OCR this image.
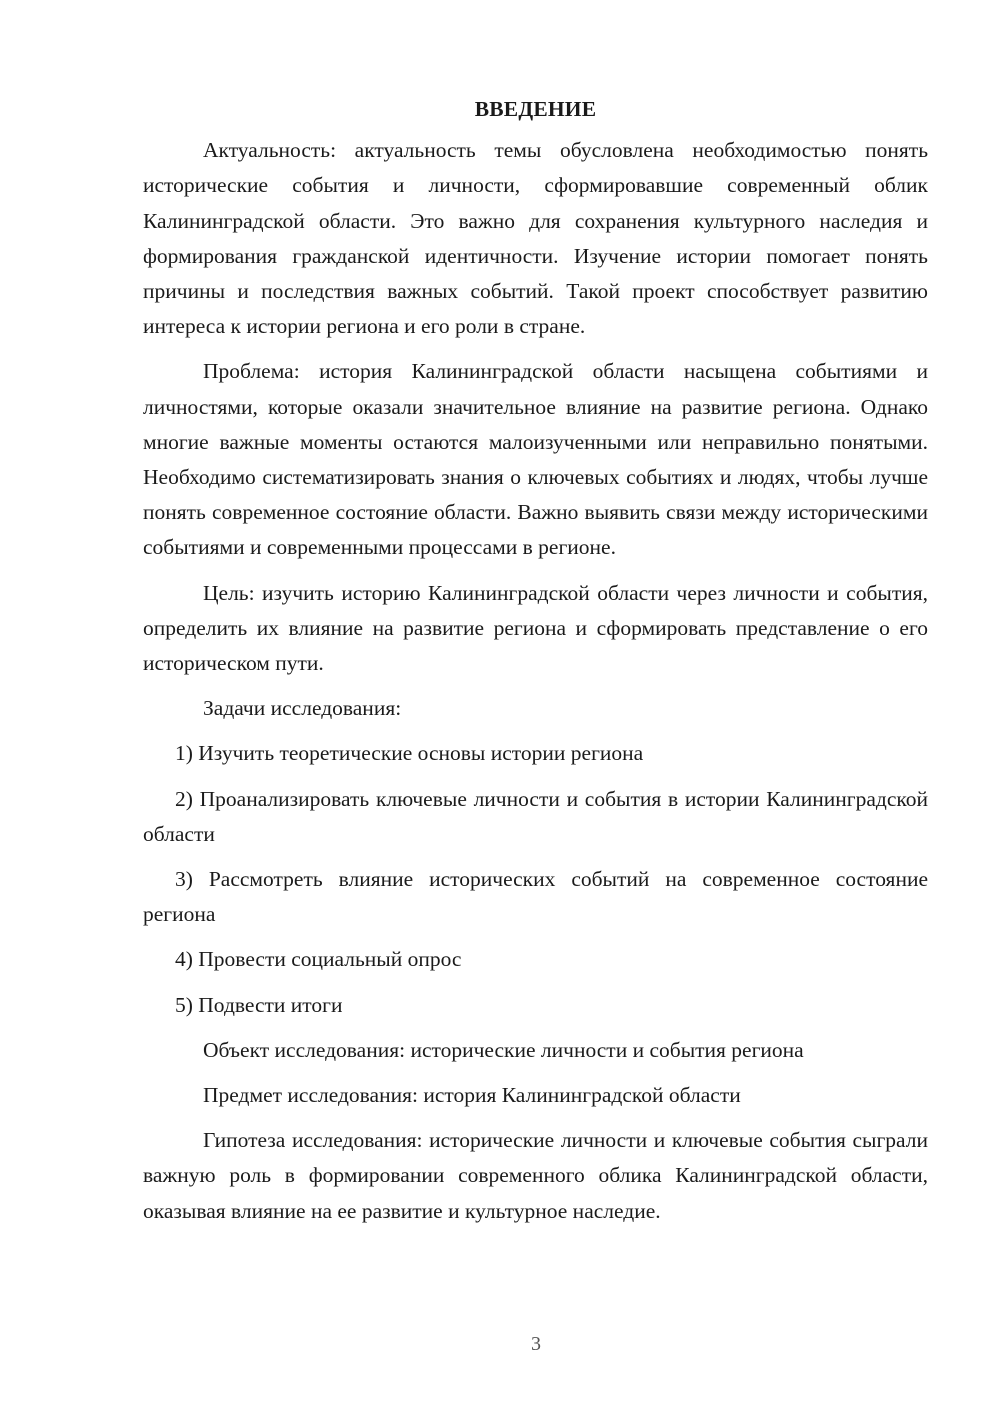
ВВЕДЕНИЕ

Актуальность: актуальность темы обусловлена необходимостью понять исторические события и личности, сформировавшие современный облик Калининградской области. Это важно для сохранения культурного наследия и формирования гражданской идентичности. Изучение истории помогает понять причины и последствия важных событий. Такой проект способствует развитию интереса к истории региона и его роли в стране.

Проблема: история Калининградской области насыщена событиями и личностями, которые оказали значительное влияние на развитие региона. Однако многие важные моменты остаются малоизученными или неправильно понятыми. Необходимо систематизировать знания о ключевых событиях и людях, чтобы лучше понять современное состояние области. Важно выявить связи между историческими событиями и современными процессами в регионе.

Цель: изучить историю Калининградской области через личности и события, определить их влияние на развитие региона и сформировать представление о его историческом пути.

Задачи исследования:

1) Изучить теоретические основы истории региона

2) Проанализировать ключевые личности и события в истории Калининградской области

3) Рассмотреть влияние исторических событий на современное состояние региона

4) Провести социальный опрос

5) Подвести итоги

Объект исследования: исторические личности и события региона

Предмет исследования: история Калининградской области

Гипотеза исследования: исторические личности и ключевые события сыграли важную роль в формировании современного облика Калининградской области, оказывая влияние на ее развитие и культурное наследие.

3
